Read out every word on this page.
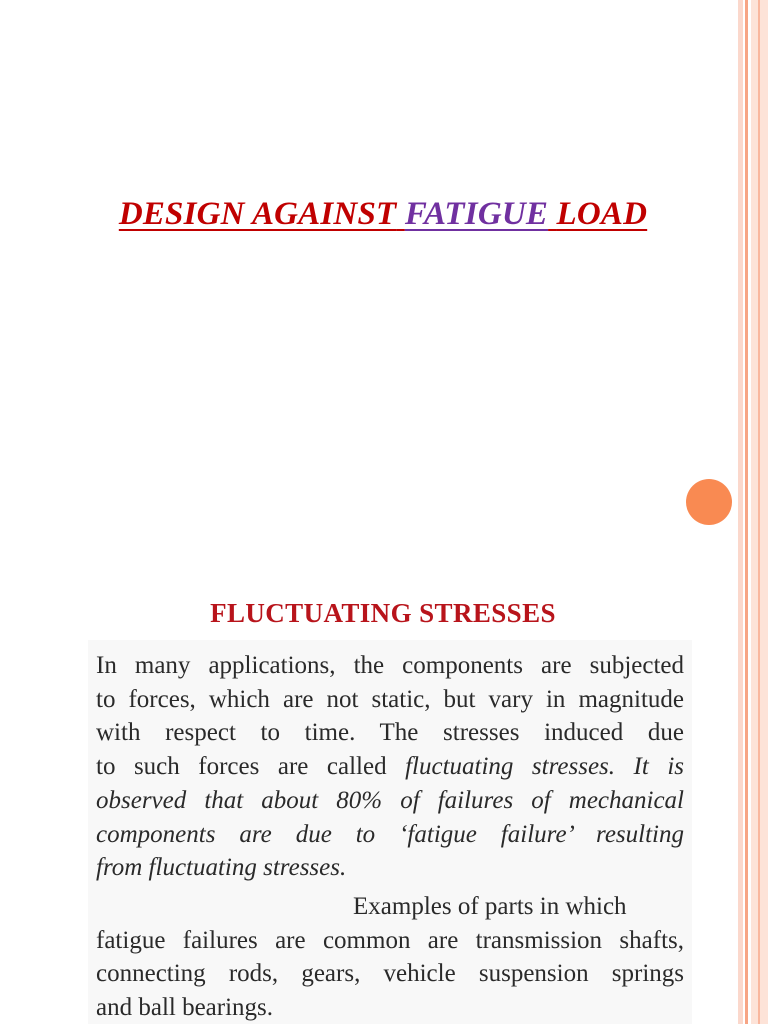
DESIGN AGAINST FATIGUE LOAD
FLUCTUATING STRESSES
In many applications, the components are subjected
to forces, which are not static, but vary in magnitude
with respect to time. The stresses induced due
to such forces are called fluctuating stresses. It is
observed that about 80% of failures of mechanical
components are due to ‘fatigue failure’ resulting
from fluctuating stresses.
Examples of parts in which
fatigue failures are common are transmission shafts,
connecting rods, gears, vehicle suspension springs
and ball bearings.
